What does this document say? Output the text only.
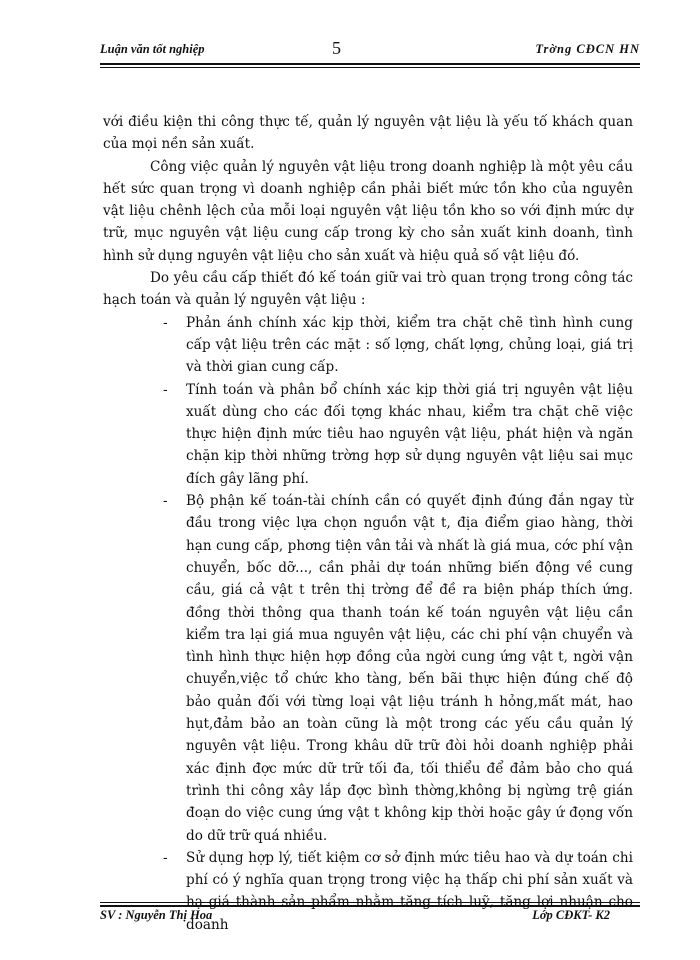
Luận văn tốt nghiệp	5	Trờng CĐCN HN

với điều kiện thi công thực tế, quản lý nguyên vật liệu là yếu tố khách quan của mọi nền sản xuất.

Công việc quản lý nguyên vật liệu trong doanh nghiệp là một yêu cầu hết sức quan trọng vì doanh nghiệp cần phải biết mức tồn kho của nguyên vật liệu chênh lệch của mỗi loại nguyên vật liệu tồn kho so với định mức dự trữ, mục nguyên vật liệu cung cấp trong kỳ cho sản xuất kinh doanh, tình hình sử dụng nguyên vật liệu cho sản xuất và hiệu quả số vật liệu đó.

Do yêu cầu cấp thiết đó kế toán giữ vai trò quan trọng trong công tác hạch toán và quản lý nguyên vật liệu :

- Phản ánh chính xác kịp thời, kiểm tra chặt chẽ tình hình cung cấp vật liệu trên các mặt : số lợng, chất lợng, chủng loại, giá trị và thời gian cung cấp.
- Tính toán và phân bổ chính xác kịp thời giá trị nguyên vật liệu xuất dùng cho các đối tợng khác nhau, kiểm tra chặt chẽ việc thực hiện định mức tiêu hao nguyên vật liệu, phát hiện và ngăn chặn kịp thời những trờng hợp sử dụng nguyên vật liệu sai mục đích gây lãng phí.
- Bộ phận kế toán-tài chính cần có quyết định đúng đắn ngay từ đầu trong việc lựa chọn nguồn vật t, địa điểm giao hàng, thời hạn cung cấp, phơng tiện vân tải và nhất là giá mua, cớc phí vận chuyển, bốc dỡ..., cần phải dự toán những biến động về cung cầu, giá cả vật t trên thị trờng để đề ra biện pháp thích ứng. đồng thời thông qua thanh toán kế toán nguyên vật liệu cần kiểm tra lại giá mua nguyên vật liệu, các chi phí vận chuyển và tình hình thực hiện hợp đồng của ngời cung ứng vật t, ngời vận chuyển,việc tổ chức kho tàng, bến bãi thực hiện đúng chế độ bảo quản đối với từng loại vật liệu tránh h hỏng,mất mát, hao hụt,đảm bảo an toàn cũng là một trong các yếu cầu quản lý nguyên vật liệu. Trong khâu dữ trữ đòi hỏi doanh nghiệp phải xác định đợc mức dữ trữ tối đa, tối thiểu để đảm bảo cho quá trình thi công xây lắp đợc bình thờng,không bị ngừng trệ gián đoạn do việc cung ứng vật t không kịp thời hoặc gây ứ đọng vốn do dữ trữ quá nhiều.
- Sử dụng hợp lý, tiết kiệm cơ sở định mức tiêu hao và dự toán chi phí có ý nghĩa quan trọng trong việc hạ thấp chi phí sản xuất và hạ giá thành sản phẩm nhằm tăng tích luỹ, tăng lợi nhuận cho doanh
SV : Nguyễn Thị Hoa	Lớp CĐKT- K2
